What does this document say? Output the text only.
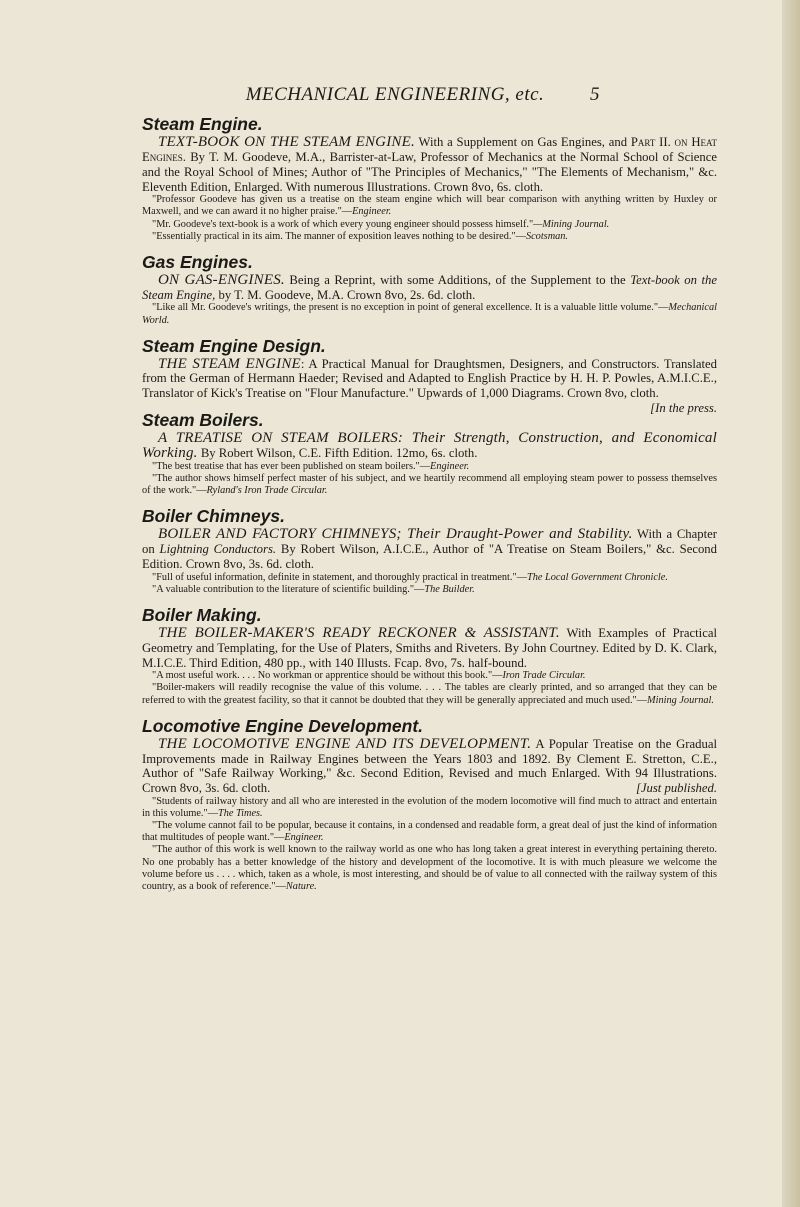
MECHANICAL ENGINEERING, etc.	5
Steam Engine.

TEXT-BOOK ON THE STEAM ENGINE. With a Supplement on Gas Engines, and Part II. on Heat Engines. By T. M. Goodeve, M.A., Barrister-at-Law, Professor of Mechanics at the Normal School of Science and the Royal School of Mines; Author of "The Principles of Mechanics," "The Elements of Mechanism," &c. Eleventh Edition, Enlarged. With numerous Illustrations. Crown 8vo, 6s. cloth.

"Professor Goodeve has given us a treatise on the steam engine which will bear comparison with anything written by Huxley or Maxwell, and we can award it no higher praise."—Engineer.

"Mr. Goodeve's text-book is a work of which every young engineer should possess himself."—Mining Journal.

"Essentially practical in its aim. The manner of exposition leaves nothing to be desired."—Scotsman.

Gas Engines.

ON GAS-ENGINES. Being a Reprint, with some Additions, of the Supplement to the Text-book on the Steam Engine, by T. M. Goodeve, M.A. Crown 8vo, 2s. 6d. cloth.

"Like all Mr. Goodeve's writings, the present is no exception in point of general excellence. It is a valuable little volume."—Mechanical World.

Steam Engine Design.

THE STEAM ENGINE: A Practical Manual for Draughtsmen, Designers, and Constructors. Translated from the German of Hermann Haeder; Revised and Adapted to English Practice by H. H. P. Powles, A.M.I.C.E., Translator of Kick's Treatise on "Flour Manufacture." Upwards of 1,000 Diagrams. Crown 8vo, cloth.
[In the press.

Steam Boilers.

A TREATISE ON STEAM BOILERS: Their Strength, Construction, and Economical Working. By Robert Wilson, C.E. Fifth Edition. 12mo, 6s. cloth.

"The best treatise that has ever been published on steam boilers."—Engineer.

"The author shows himself perfect master of his subject, and we heartily recommend all employing steam power to possess themselves of the work."—Ryland's Iron Trade Circular.

Boiler Chimneys.

BOILER AND FACTORY CHIMNEYS; Their Draught-Power and Stability. With a Chapter on Lightning Conductors. By Robert Wilson, A.I.C.E., Author of "A Treatise on Steam Boilers," &c. Second Edition. Crown 8vo, 3s. 6d. cloth.

"Full of useful information, definite in statement, and thoroughly practical in treatment."—The Local Government Chronicle.

"A valuable contribution to the literature of scientific building."—The Builder.

Boiler Making.

THE BOILER-MAKER'S READY RECKONER & ASSISTANT. With Examples of Practical Geometry and Templating, for the Use of Platers, Smiths and Riveters. By John Courtney. Edited by D. K. Clark, M.I.C.E. Third Edition, 480 pp., with 140 Illusts. Fcap. 8vo, 7s. half-bound.

"A most useful work. . . . No workman or apprentice should be without this book."—Iron Trade Circular.

"Boiler-makers will readily recognise the value of this volume. . . . The tables are clearly printed, and so arranged that they can be referred to with the greatest facility, so that it cannot be doubted that they will be generally appreciated and much used."—Mining Journal.

Locomotive Engine Development.

THE LOCOMOTIVE ENGINE AND ITS DEVELOPMENT. A Popular Treatise on the Gradual Improvements made in Railway Engines between the Years 1803 and 1892. By Clement E. Stretton, C.E., Author of "Safe Railway Working," &c. Second Edition, Revised and much Enlarged. With 94 Illustrations. Crown 8vo, 3s. 6d. cloth.	[Just published.

"Students of railway history and all who are interested in the evolution of the modern locomotive will find much to attract and entertain in this volume."—The Times.

"The volume cannot fail to be popular, because it contains, in a condensed and readable form, a great deal of just the kind of information that multitudes of people want."—Engineer.

"The author of this work is well known to the railway world as one who has long taken a great interest in everything pertaining thereto. No one probably has a better knowledge of the history and development of the locomotive. It is with much pleasure we welcome the volume before us . . . . which, taken as a whole, is most interesting, and should be of value to all connected with the railway system of this country, as a book of reference."—Nature.
